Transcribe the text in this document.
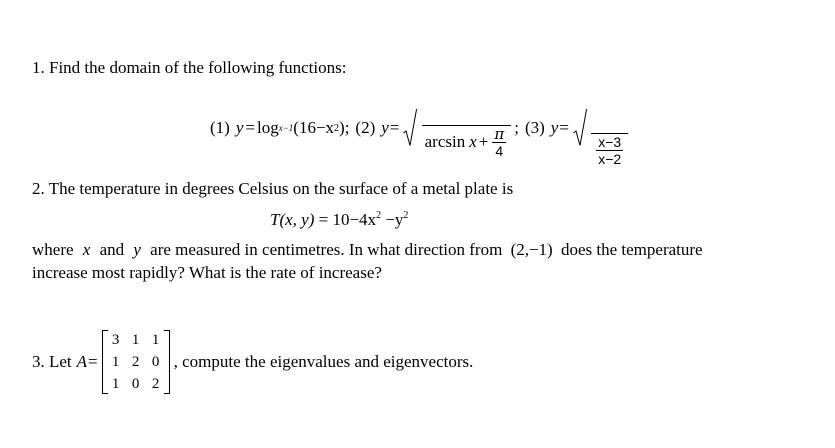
1. Find the domain of the following functions:
(1) y = log x−1 (16−x 2 ); (2) y =

$\arcsin x + \frac{\pi}{4}$ ; (3) y =

$\frac{x-3}{x-2}$
2. The temperature in degrees Celsius on the surface of a metal plate is
T(x, $y) = 10-4x^2 -y^2$
where x and y are measured in centimetres. In what direction from (2,−1) does the temperature
increase most rapidly? What is the rate of increase?
3. Let A =
3 1 1
1 2 0
1 0 2
, compute the eigenvalues and eigenvectors.
